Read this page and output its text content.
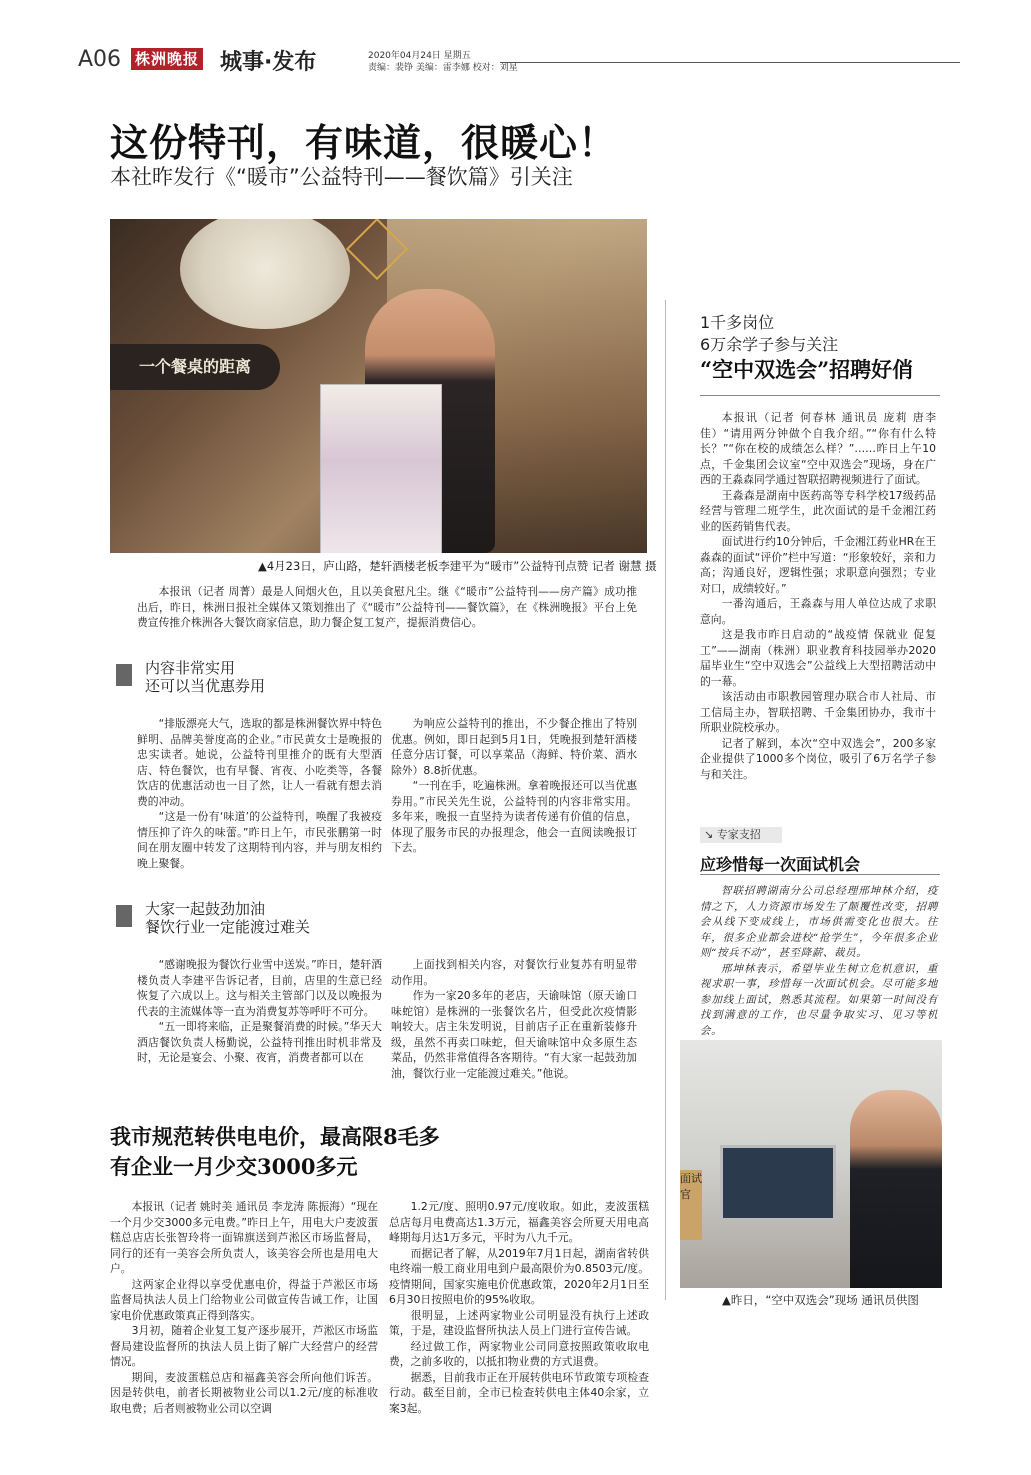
A06 株洲晚报 城事·发布	2020年04月24日 星期五
责编：裴铮 美编：雷李娜 校对：刘星
这份特刊，有味道，很暖心！
本社昨发行《“暖市”公益特刊——餐饮篇》引关注
一个餐桌的距离
▲4月23日，庐山路，楚轩酒楼老板李建平为“暖市”公益特刊点赞 记者 谢慧 摄

本报讯（记者 周菁）最是人间烟火色，且以美食慰凡尘。继《“暖市”公益特刊——房产篇》成功推出后，昨日，株洲日报社全媒体又策划推出了《“暖市”公益特刊——餐饮篇》，在《株洲晚报》平台上免费宣传推介株洲各大餐饮商家信息，助力餐企复工复产，提振消费信心。

内容非常实用
还可以当优惠券用

“排版漂亮大气，选取的都是株洲餐饮界中特色鲜明、品牌美誉度高的企业。”市民黄女士是晚报的忠实读者。她说，公益特刊里推介的既有大型酒店、特色餐饮，也有早餐、宵夜、小吃类等，各餐饮店的优惠活动也一目了然，让人一看就有想去消费的冲动。

“这是一份有‘味道’的公益特刊，唤醒了我被疫情压抑了许久的味蕾。”昨日上午，市民张鹏第一时间在朋友圈中转发了这期特刊内容，并与朋友相约晚上聚餐。

为响应公益特刊的推出，不少餐企推出了特别优惠。例如，即日起到5月1日，凭晚报到楚轩酒楼任意分店订餐，可以享菜品（海鲜、特价菜、酒水除外）8.8折优惠。

“一刊在手，吃遍株洲。拿着晚报还可以当优惠券用。”市民关先生说，公益特刊的内容非常实用。多年来，晚报一直坚持为读者传递有价值的信息，体现了服务市民的办报理念，他会一直阅读晚报订下去。

大家一起鼓劲加油
餐饮行业一定能渡过难关

“感谢晚报为餐饮行业雪中送炭。”昨日，楚轩酒楼负责人李建平告诉记者，目前，店里的生意已经恢复了六成以上。这与相关主管部门以及以晚报为代表的主流媒体等一直为消费复苏等呼吁不可分。

“五一即将来临，正是聚餐消费的时候。”华天大酒店餐饮负责人杨勤说，公益特刊推出时机非常及时，无论是宴会、小聚、夜宵，消费者都可以在

上面找到相关内容，对餐饮行业复苏有明显带动作用。

作为一家20多年的老店，天谕味馆（原天谕口味蛇馆）是株洲的一张餐饮名片，但受此次疫情影响较大。店主朱发明说，目前店子正在重新装修升级，虽然不再卖口味蛇，但天谕味馆中众多原生态菜品，仍然非常值得各客期待。“有大家一起鼓劲加油，餐饮行业一定能渡过难关。”他说。

我市规范转供电电价，最高限8毛多
有企业一月少交3000多元

本报讯（记者 姚时美 通讯员 李龙涛 陈振海）“现在一个月少交3000多元电费。”昨日上午，用电大户麦波蛋糕总店店长张智玲将一面锦旗送到芦淞区市场监督局，同行的还有一美容会所负责人，该美容会所也是用电大户。

这两家企业得以享受优惠电价，得益于芦淞区市场监督局执法人员上门给物业公司做宣传告诫工作，让国家电价优惠政策真正得到落实。

3月初，随着企业复工复产逐步展开，芦淞区市场监督局建设监督所的执法人员上街了解广大经营户的经营情况。

期间，麦波蛋糕总店和福鑫美容会所向他们诉苦。因是转供电，前者长期被物业公司以1.2元/度的标准收取电费；后者则被物业公司以空调

1.2元/度、照明0.97元/度收取。如此，麦波蛋糕总店每月电费高达1.3万元，福鑫美容会所夏天用电高峰期每月达1万多元，平时为八九千元。

而据记者了解，从2019年7月1日起，湖南省转供电终端一般工商业用电到户最高限价为0.8503元/度。疫情期间，国家实施电价优惠政策，2020年2月1日至6月30日按照电价的95%收取。

很明显，上述两家物业公司明显没有执行上述政策，于是，建设监督所执法人员上门进行宣传告诫。

经过做工作，两家物业公司同意按照政策收取电费，之前多收的，以抵扣物业费的方式退费。

据悉，目前我市正在开展转供电环节政策专项检查行动。截至目前，全市已检查转供电主体40余家，立案3起。

1千多岗位
6万余学子参与关注
“空中双选会”招聘好俏

本报讯（记者 何春林 通讯员 庞莉 唐李佳）“请用两分钟做个自我介绍。”“你有什么特长？”“你在校的成绩怎么样？”……昨日上午10点，千金集团会议室“空中双选会”现场，身在广西的王淼森同学通过智联招聘视频进行了面试。

王淼森是湖南中医药高等专科学校17级药品经营与管理二班学生，此次面试的是千金湘江药业的医药销售代表。

面试进行约10分钟后，千金湘江药业HR在王淼森的面试“评价”栏中写道：“形象较好，亲和力高；沟通良好，逻辑性强；求职意向强烈；专业对口，成绩较好。”

一番沟通后，王淼森与用人单位达成了求职意向。

这是我市昨日启动的“战疫情 保就业 促复工”——湖南（株洲）职业教育科技园举办2020届毕业生“空中双选会”公益线上大型招聘活动中的一幕。

该活动由市职教园管理办联合市人社局、市工信局主办，智联招聘、千金集团协办，我市十所职业院校承办。

记者了解到，本次“空中双选会”，200多家企业提供了1000多个岗位，吸引了6万名学子参与和关注。

↘ 专家支招
应珍惜每一次面试机会

智联招聘湖南分公司总经理邢坤林介绍，疫情之下，人力资源市场发生了颠覆性改变，招聘会从线下变成线上，市场供需变化也很大。往年，很多企业都会进校“抢学生”，今年很多企业则“按兵不动”，甚至降薪、裁员。

邢坤林表示，希望毕业生树立危机意识，重视求职一事，珍惜每一次面试机会。尽可能多地参加线上面试，熟悉其流程。如果第一时间没有找到满意的工作，也尽量争取实习、见习等机会。

面试官
▲昨日，“空中双选会”现场 通讯员供图
